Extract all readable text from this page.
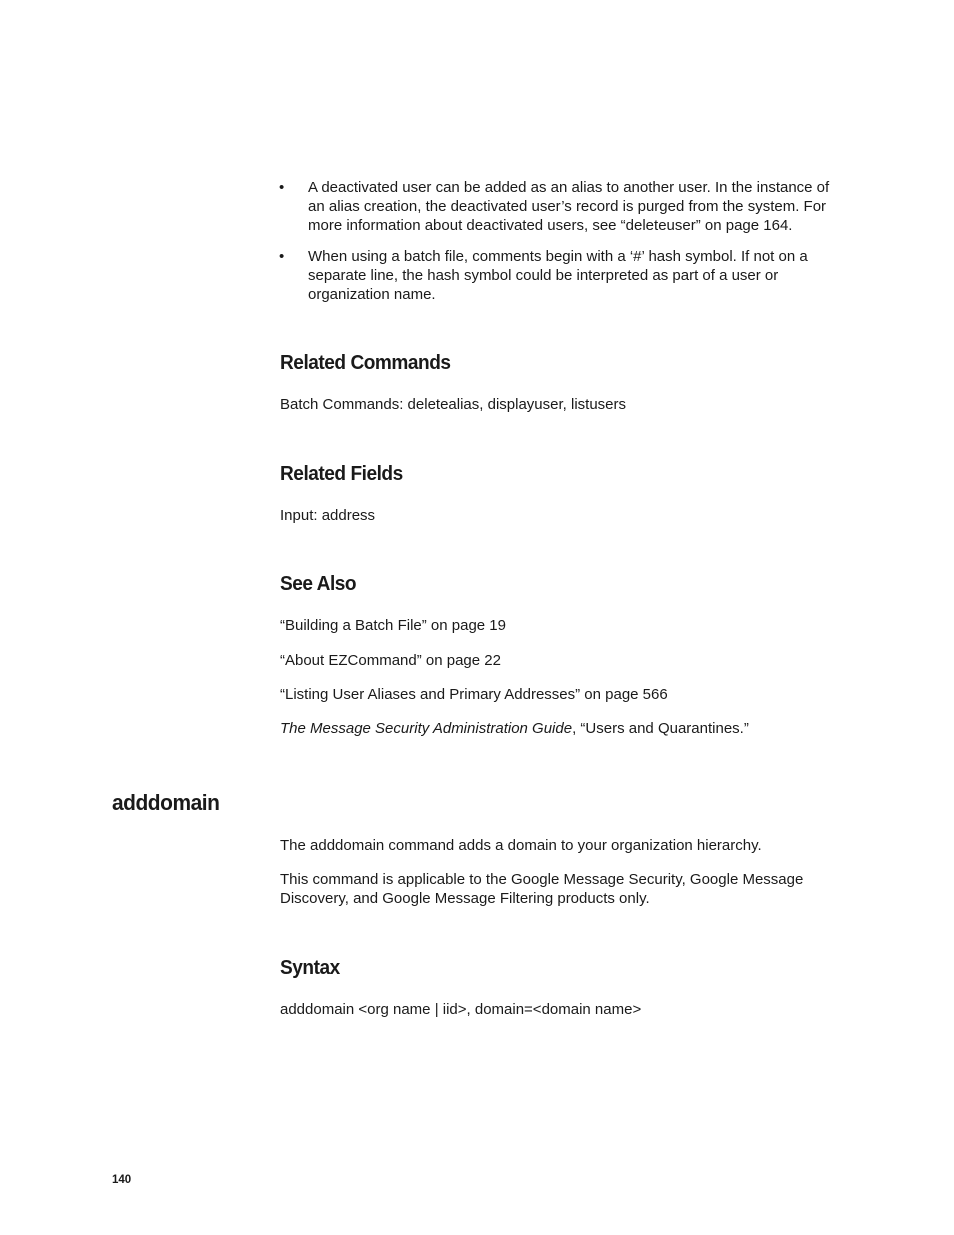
• A deactivated user can be added as an alias to another user. In the instance of an alias creation, the deactivated user’s record is purged from the system. For more information about deactivated users, see “deleteuser” on page 164.
• When using a batch file, comments begin with a ‘#’ hash symbol. If not on a separate line, the hash symbol could be interpreted as part of a user or organization name.
Related Commands
Batch Commands: deletealias, displayuser, listusers
Related Fields
Input: address
See Also
“Building a Batch File” on page 19
“About EZCommand” on page 22
“Listing User Aliases and Primary Addresses” on page 566
The Message Security Administration Guide, “Users and Quarantines.”
adddomain
The adddomain command adds a domain to your organization hierarchy.
This command is applicable to the Google Message Security, Google Message Discovery, and Google Message Filtering products only.
Syntax
adddomain <org name | iid>, domain=<domain name>
140
